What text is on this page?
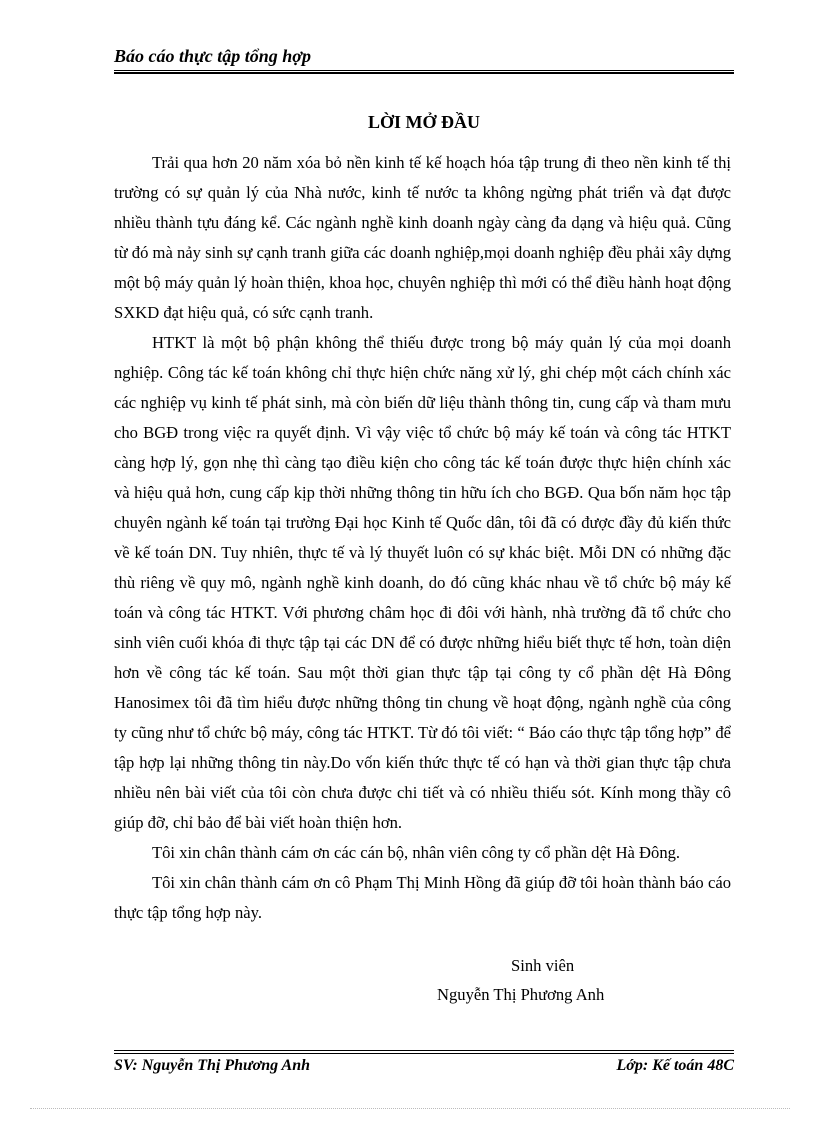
Báo cáo thực tập tổng hợp
LỜI MỞ ĐẦU

Trải qua hơn 20 năm xóa bỏ nền kinh tế kế hoạch hóa tập trung đi theo nền kinh tế thị trường có sự quản lý của Nhà nước, kinh tế nước ta không ngừng phát triển và đạt được nhiều thành tựu đáng kể. Các ngành nghề kinh doanh ngày càng đa dạng và hiệu quả. Cũng từ đó mà nảy sinh sự cạnh tranh giữa các doanh nghiệp,mọi doanh nghiệp đều phải xây dựng một bộ máy quản lý hoàn thiện, khoa học, chuyên nghiệp thì mới có thể điều hành hoạt động SXKD đạt hiệu quả, có sức cạnh tranh.

HTKT là một bộ phận không thể thiếu được trong bộ máy quản lý của mọi doanh nghiệp. Công tác kế toán không chỉ thực hiện chức năng xử lý, ghi chép một cách chính xác các nghiệp vụ kinh tế phát sinh, mà còn biến dữ liệu thành thông tin, cung cấp và tham mưu cho BGĐ trong việc ra quyết định. Vì vậy việc tổ chức bộ máy kế toán và công tác HTKT càng hợp lý, gọn nhẹ thì càng tạo điều kiện cho công tác kế toán được thực hiện chính xác và hiệu quả hơn, cung cấp kịp thời những thông tin hữu ích cho BGĐ. Qua bốn năm học tập chuyên ngành kế toán tại trường Đại học Kinh tế Quốc dân, tôi đã có được đầy đủ kiến thức về kế toán DN. Tuy nhiên, thực tế và lý thuyết luôn có sự khác biệt. Mỗi DN có những đặc thù riêng về quy mô, ngành nghề kinh doanh, do đó cũng khác nhau về tổ chức bộ máy kế toán và công tác HTKT. Với phương châm học đi đôi với hành, nhà trường đã tổ chức cho sinh viên cuối khóa đi thực tập tại các DN để có được những hiểu biết thực tế hơn, toàn diện hơn về công tác kế toán. Sau một thời gian thực tập tại công ty cổ phần dệt Hà Đông Hanosimex tôi đã tìm hiểu được những thông tin chung về hoạt động, ngành nghề của công ty cũng như tổ chức bộ máy, công tác HTKT. Từ đó tôi viết: “ Báo cáo thực tập tổng hợp” để tập hợp lại những thông tin này.Do vốn kiến thức thực tế có hạn và thời gian thực tập chưa nhiều nên bài viết của tôi còn chưa được chi tiết và có nhiều thiếu sót. Kính mong thầy cô giúp đỡ, chỉ bảo để bài viết hoàn thiện hơn.

Tôi xin chân thành cám ơn các cán bộ, nhân viên công ty cổ phần dệt Hà Đông.

Tôi xin chân thành cám ơn cô Phạm Thị Minh Hồng đã giúp đỡ tôi hoàn thành báo cáo thực tập tổng hợp này.

Sinh viên
Nguyễn Thị Phương Anh
SV: Nguyễn Thị Phương Anh	Lớp: Kế toán 48C
